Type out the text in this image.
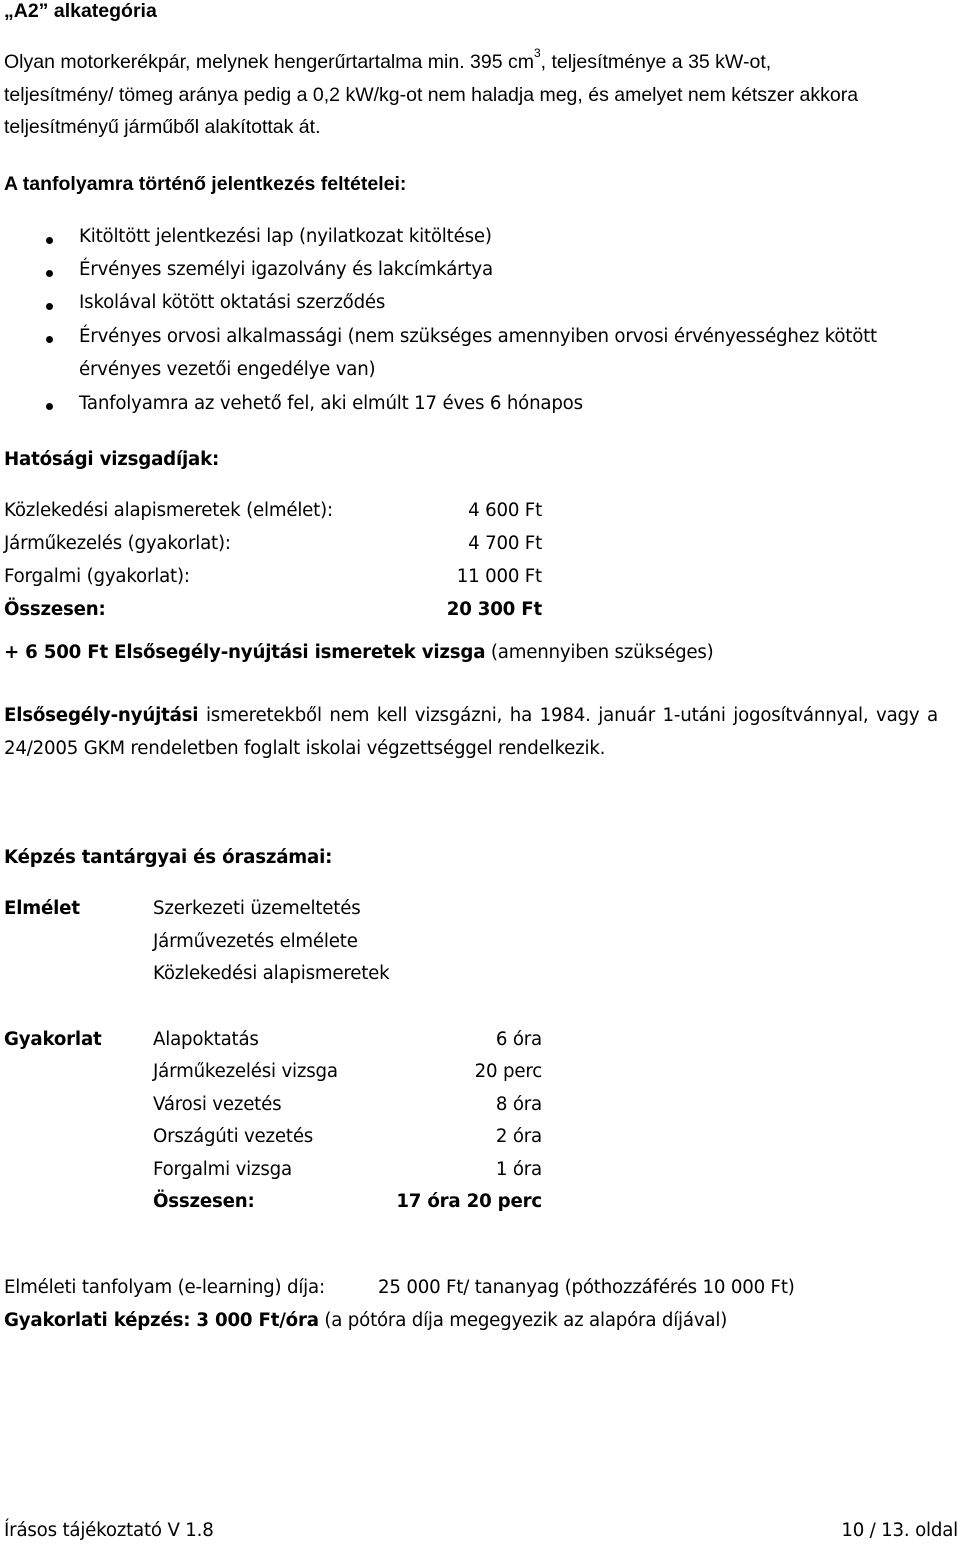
„A2” alkategória
Olyan motorkerékpár, melynek hengerűrtartalma min. 395 $cm^3$, teljesítménye a 35 kW-ot,
teljesítmény/ tömeg aránya pedig a 0,2 kW/kg-ot nem haladja meg, és amelyet nem kétszer akkora
teljesítményű járműből alakítottak át.
A tanfolyamra történő jelentkezés feltételei:
Kitöltött jelentkezési lap (nyilatkozat kitöltése)
Érvényes személyi igazolvány és lakcímkártya
Iskolával kötött oktatási szerződés
Érvényes orvosi alkalmassági (nem szükséges amennyiben orvosi érvényességhez kötött
érvényes vezetői engedélye van)
Tanfolyamra az vehető fel, aki elmúlt 17 éves 6 hónapos
Hatósági vizsgadíjak:
Közlekedési alapismeretek (elmélet):	4 600 Ft
Járműkezelés (gyakorlat):	4 700 Ft
Forgalmi (gyakorlat):	11 000 Ft
Összesen:	20 300 Ft
+ 6 500 Ft Elsősegély-nyújtási ismeretek vizsga (amennyiben szükséges)
Elsősegély-nyújtási ismeretekből nem kell vizsgázni, ha 1984. január 1-utáni jogosítvánnyal, vagy a
24/2005 GKM rendeletben foglalt iskolai végzettséggel rendelkezik.
Képzés tantárgyai és óraszámai:
Elmélet	Szerkezeti üzemeltetés
Járművezetés elmélete
Közlekedési alapismeretek
Gyakorlat	Alapoktatás	6 óra
Járműkezelési vizsga	20 perc
Városi vezetés	8 óra
Országúti vezetés	2 óra
Forgalmi vizsga	1 óra
Összesen:	17 óra 20 perc
Elméleti tanfolyam (e-learning) díja:	25 000 Ft/ tananyag (póthozzáférés 10 000 Ft)
Gyakorlati képzés: 3 000 Ft/óra (a pótóra díja megegyezik az alapóra díjával)
Írásos tájékoztató V 1.8	10 / 13. oldal
